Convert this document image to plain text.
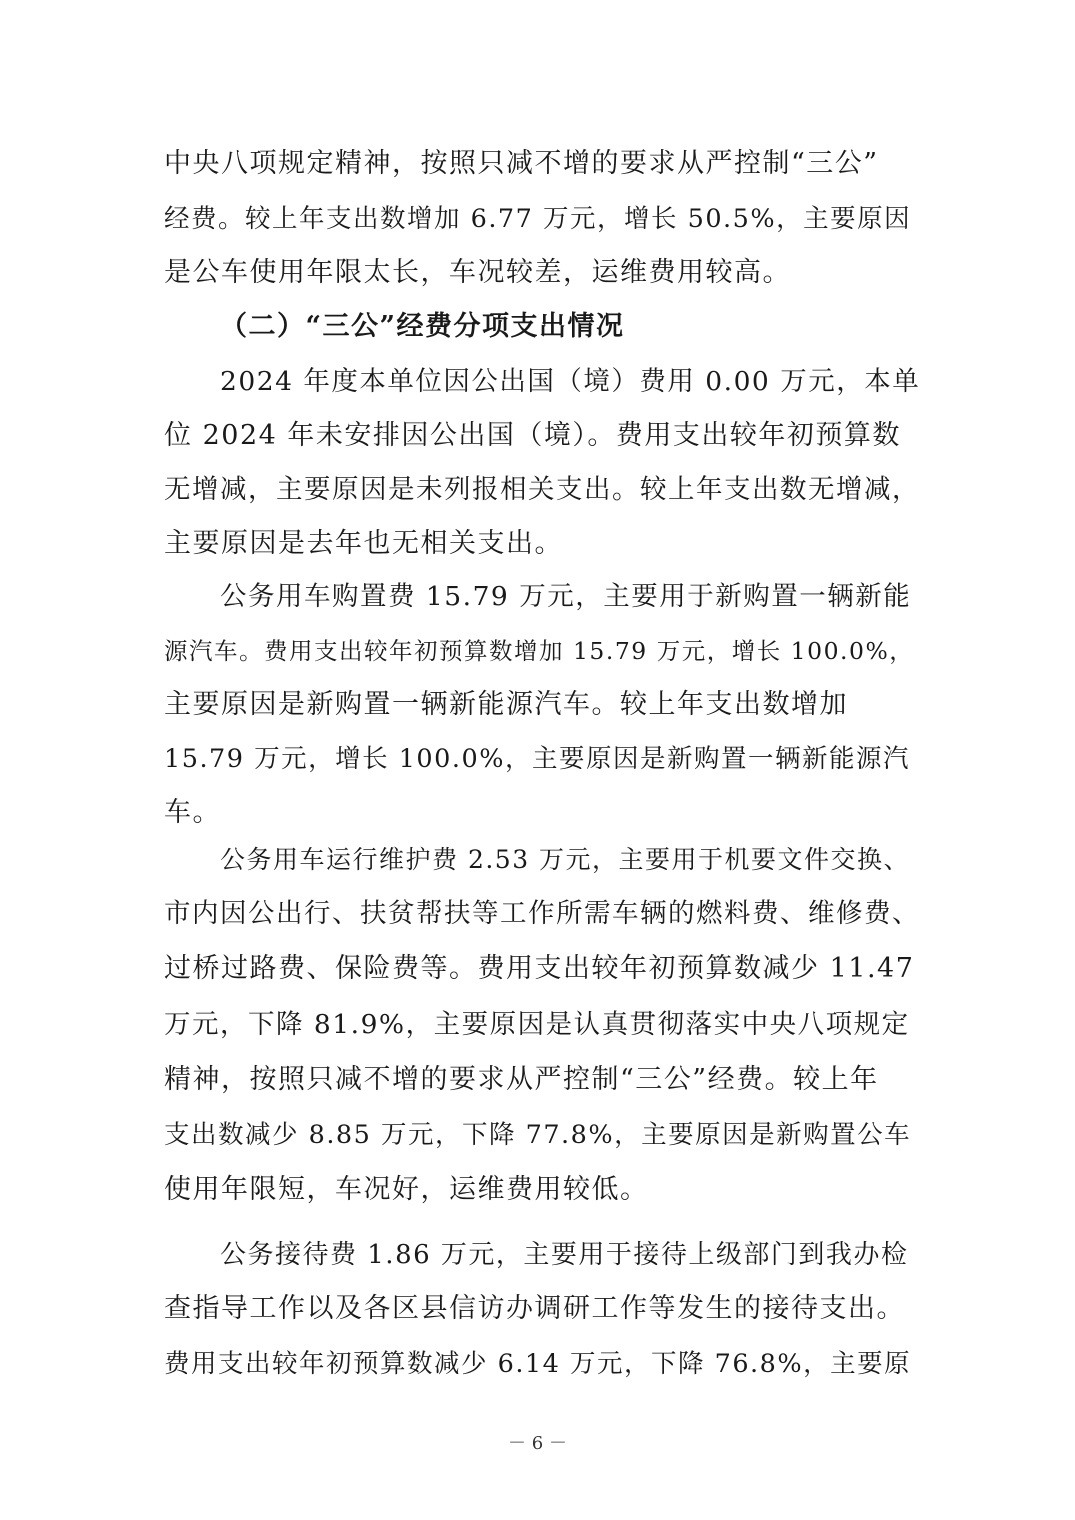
中央八项规定精神，按照只减不增的要求从严控制“三公”
经费。较上年支出数增加 6.77 万元，增长 50.5%，主要原因
是公车使用年限太长，车况较差，运维费用较高。
（二）“三公”经费分项支出情况
2024 年度本单位因公出国（境）费用 0.00 万元，本单
位 2024 年未安排因公出国（境）。费用支出较年初预算数
无增减，主要原因是未列报相关支出。较上年支出数无增减，
主要原因是去年也无相关支出。
公务用车购置费 15.79 万元，主要用于新购置一辆新能
源汽车。费用支出较年初预算数增加 15.79 万元，增长 100.0%，
主要原因是新购置一辆新能源汽车。较上年支出数增加
15.79 万元，增长 100.0%，主要原因是新购置一辆新能源汽
车。
公务用车运行维护费 2.53 万元，主要用于机要文件交换、
市内因公出行、扶贫帮扶等工作所需车辆的燃料费、维修费、
过桥过路费、保险费等。费用支出较年初预算数减少 11.47
万元，下降 81.9%，主要原因是认真贯彻落实中央八项规定
精神，按照只减不增的要求从严控制“三公”经费。较上年
支出数减少 8.85 万元，下降 77.8%，主要原因是新购置公车
使用年限短，车况好，运维费用较低。
公务接待费 1.86 万元，主要用于接待上级部门到我办检
查指导工作以及各区县信访办调研工作等发生的接待支出。
费用支出较年初预算数减少 6.14 万元，下降 76.8%，主要原
－ 6 －
